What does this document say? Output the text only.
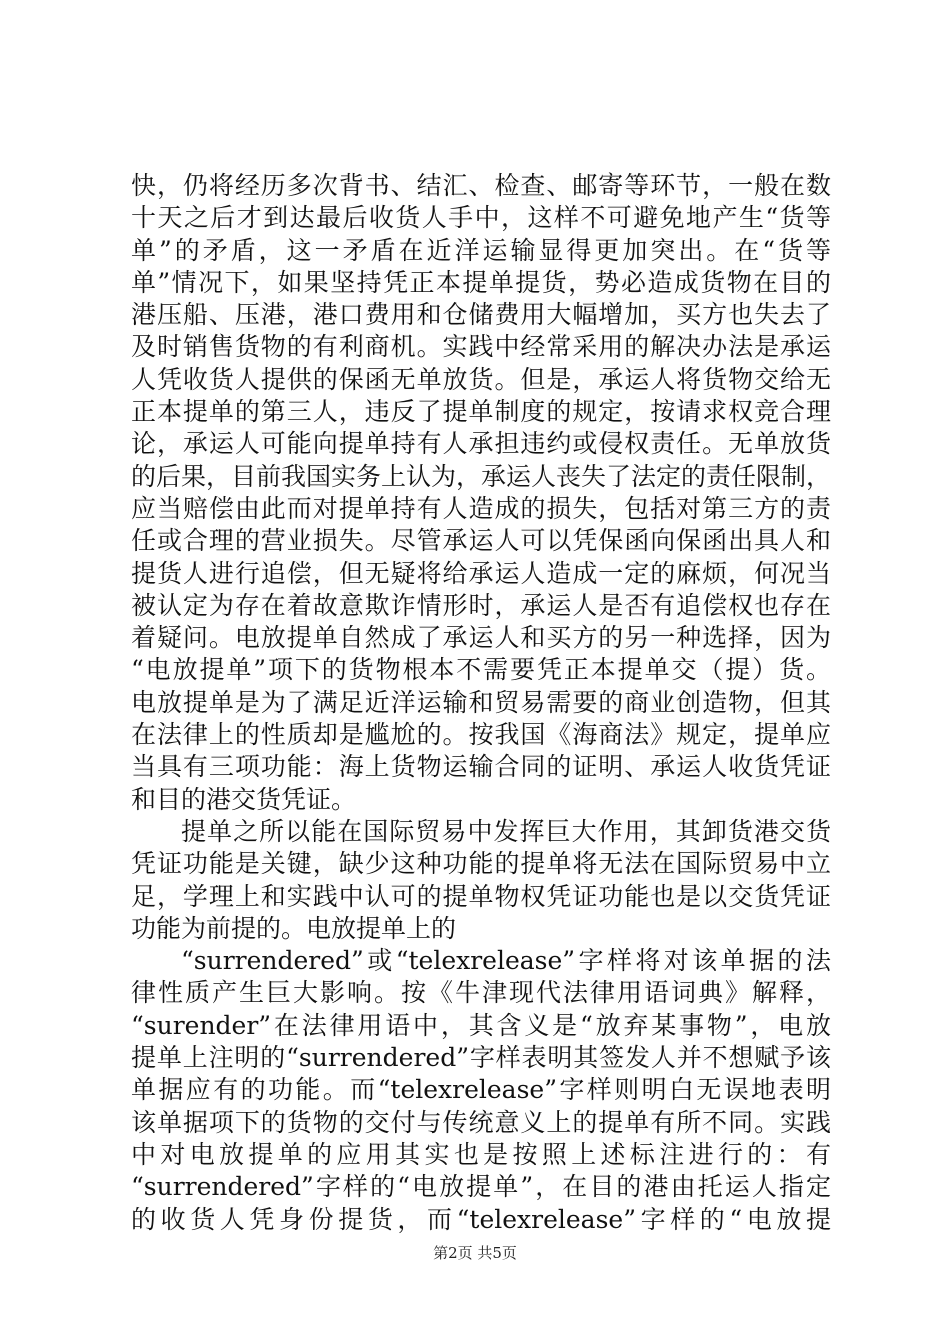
快，仍将经历多次背书、结汇、检查、邮寄等环节，一般在数
十天之后才到达最后收货人手中，这样不可避免地产生“货等
单”的矛盾，这一矛盾在近洋运输显得更加突出。在“货等
单”情况下，如果坚持凭正本提单提货，势必造成货物在目的
港压船、压港，港口费用和仓储费用大幅增加，买方也失去了
及时销售货物的有利商机。实践中经常采用的解决办法是承运
人凭收货人提供的保函无单放货。但是，承运人将货物交给无
正本提单的第三人，违反了提单制度的规定，按请求权竞合理
论，承运人可能向提单持有人承担违约或侵权责任。无单放货
的后果，目前我国实务上认为，承运人丧失了法定的责任限制，
应当赔偿由此而对提单持有人造成的损失，包括对第三方的责
任或合理的营业损失。尽管承运人可以凭保函向保函出具人和
提货人进行追偿，但无疑将给承运人造成一定的麻烦，何况当
被认定为存在着故意欺诈情形时，承运人是否有追偿权也存在
着疑问。电放提单自然成了承运人和买方的另一种选择，因为
“电放提单”项下的货物根本不需要凭正本提单交（提）货。
电放提单是为了满足近洋运输和贸易需要的商业创造物，但其
在法律上的性质却是尴尬的。按我国《海商法》规定，提单应
当具有三项功能：海上货物运输合同的证明、承运人收货凭证
和目的港交货凭证。
提单之所以能在国际贸易中发挥巨大作用，其卸货港交货
凭证功能是关键，缺少这种功能的提单将无法在国际贸易中立
足，学理上和实践中认可的提单物权凭证功能也是以交货凭证
功能为前提的。电放提单上的
“surrendered”或“telexrelease”字样将对该单据的法
律性质产生巨大影响。按《牛津现代法律用语词典》解释，
“surender”在法律用语中，其含义是“放弃某事物”，电放
提单上注明的“surrendered”字样表明其签发人并不想赋予该
单据应有的功能。而“telexrelease”字样则明白无误地表明
该单据项下的货物的交付与传统意义上的提单有所不同。实践
中对电放提单的应用其实也是按照上述标注进行的：有
“surrendered”字样的“电放提单”，在目的港由托运人指定
的收货人凭身份提货，而“telexrelease”字样的“电放提
第2页 共5页
